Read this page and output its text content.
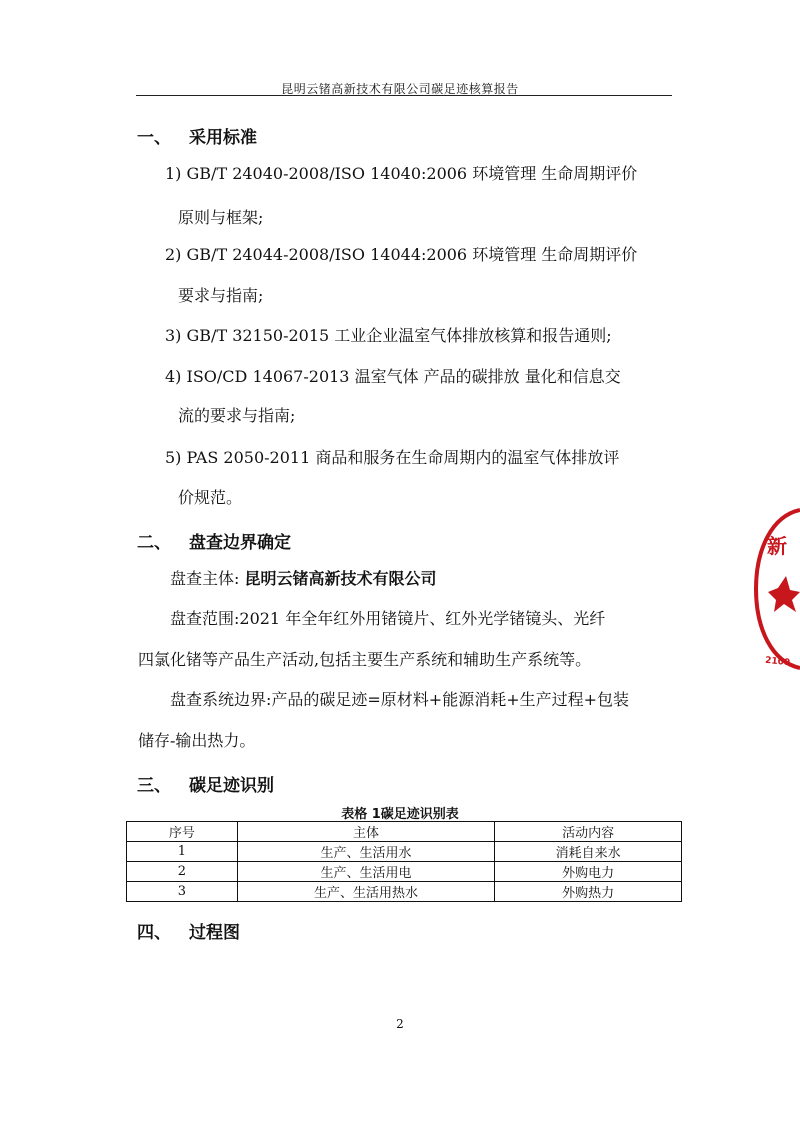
昆明云锗高新技术有限公司碳足迹核算报告
一、 采用标准
1) GB/T 24040-2008/ISO 14040:2006 环境管理 生命周期评价
原则与框架;
2) GB/T 24044-2008/ISO 14044:2006 环境管理 生命周期评价
要求与指南;
3) GB/T 32150-2015 工业企业温室气体排放核算和报告通则;
4) ISO/CD 14067-2013 温室气体 产品的碳排放 量化和信息交
流的要求与指南;
5) PAS 2050-2011 商品和服务在生命周期内的温室气体排放评
价规范。
二、 盘查边界确定
盘查主体: 昆明云锗高新技术有限公司
盘查范围:2021 年全年红外用锗镜片、红外光学锗镜头、光纤
四氯化锗等产品生产活动,包括主要生产系统和辅助生产系统等。
盘查系统边界:产品的碳足迹=原材料+能源消耗+生产过程+包装
储存-输出热力。
三、 碳足迹识别
表格 1碳足迹识别表
序号	主体	活动内容
1	生产、生活用水	消耗自来水
2	生产、生活用电	外购电力
3	生产、生活用热水	外购热力
四、 过程图
2
新
2100
